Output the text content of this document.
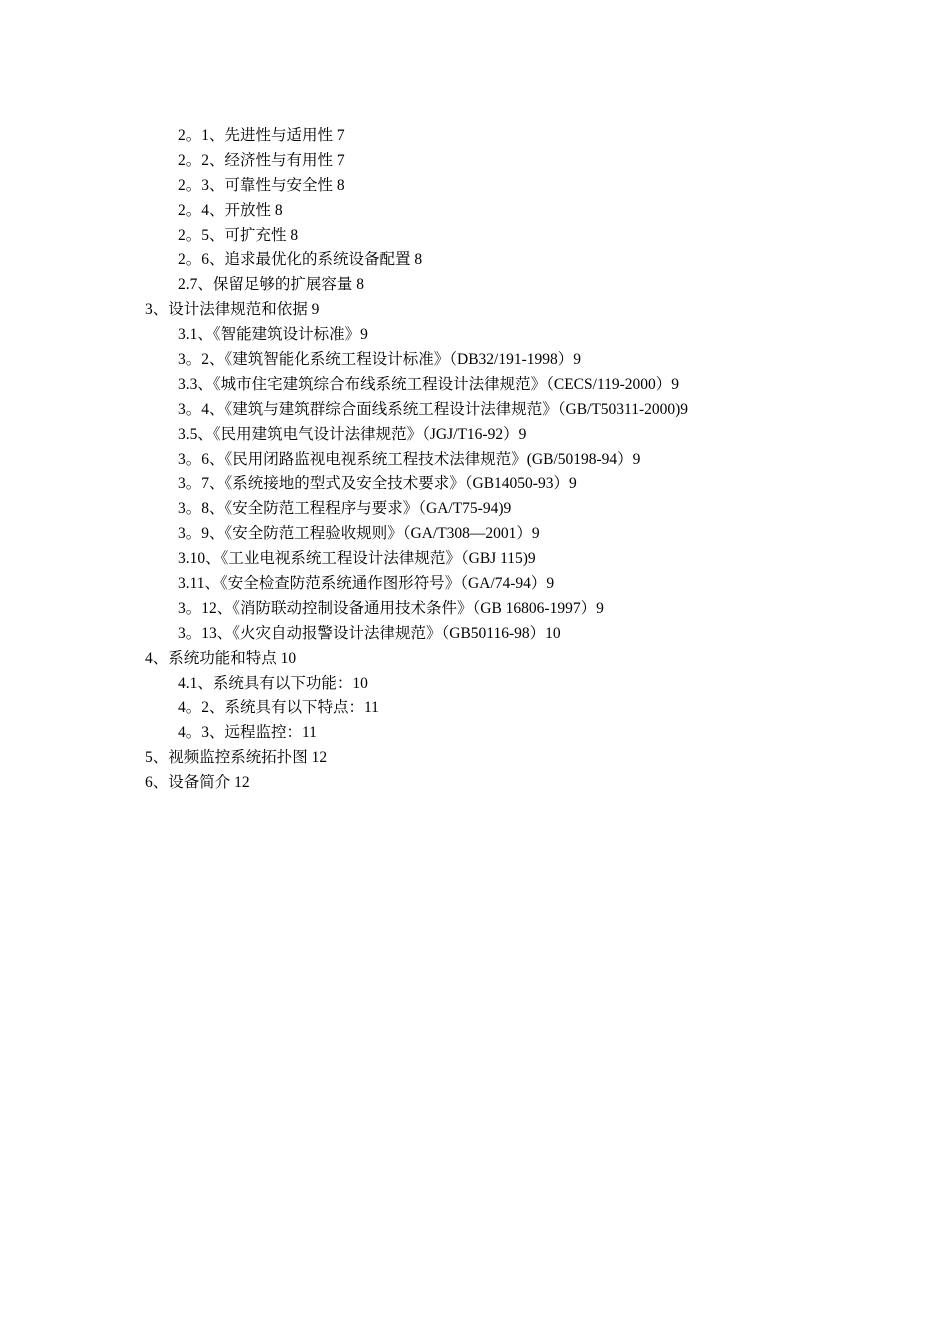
2。1、先进性与适用性 7
2。2、经济性与有用性 7
2。3、可靠性与安全性 8
2。4、开放性 8
2。5、可扩充性 8
2。6、追求最优化的系统设备配置 8
2.7、保留足够的扩展容量 8
3、设计法律规范和依据 9
3.1、《智能建筑设计标准》9
3。2、《建筑智能化系统工程设计标准》（DB32/191-1998）9
3.3、《城市住宅建筑综合布线系统工程设计法律规范》（CECS/119-2000）9
3。4、《建筑与建筑群综合面线系统工程设计法律规范》（GB/T50311-2000)9
3.5、《民用建筑电气设计法律规范》（JGJ/T16-92）9
3。6、《民用闭路监视电视系统工程技术法律规范》(GB/50198-94）9
3。7、《系统接地的型式及安全技术要求》（GB14050-93）9
3。8、《安全防范工程程序与要求》（GA/T75-94)9
3。9、《安全防范工程验收规则》（GA/T308—2001）9
3.10、《工业电视系统工程设计法律规范》（GBJ 115)9
3.11、《安全检查防范系统通作图形符号》（GA/74-94）9
3。12、《消防联动控制设备通用技术条件》（GB 16806-1997）9
3。13、《火灾自动报警设计法律规范》（GB50116-98）10
4、系统功能和特点 10
4.1、系统具有以下功能：10
4。2、系统具有以下特点：11
4。3、远程监控：11
5、视频监控系统拓扑图 12
6、设备简介 12
